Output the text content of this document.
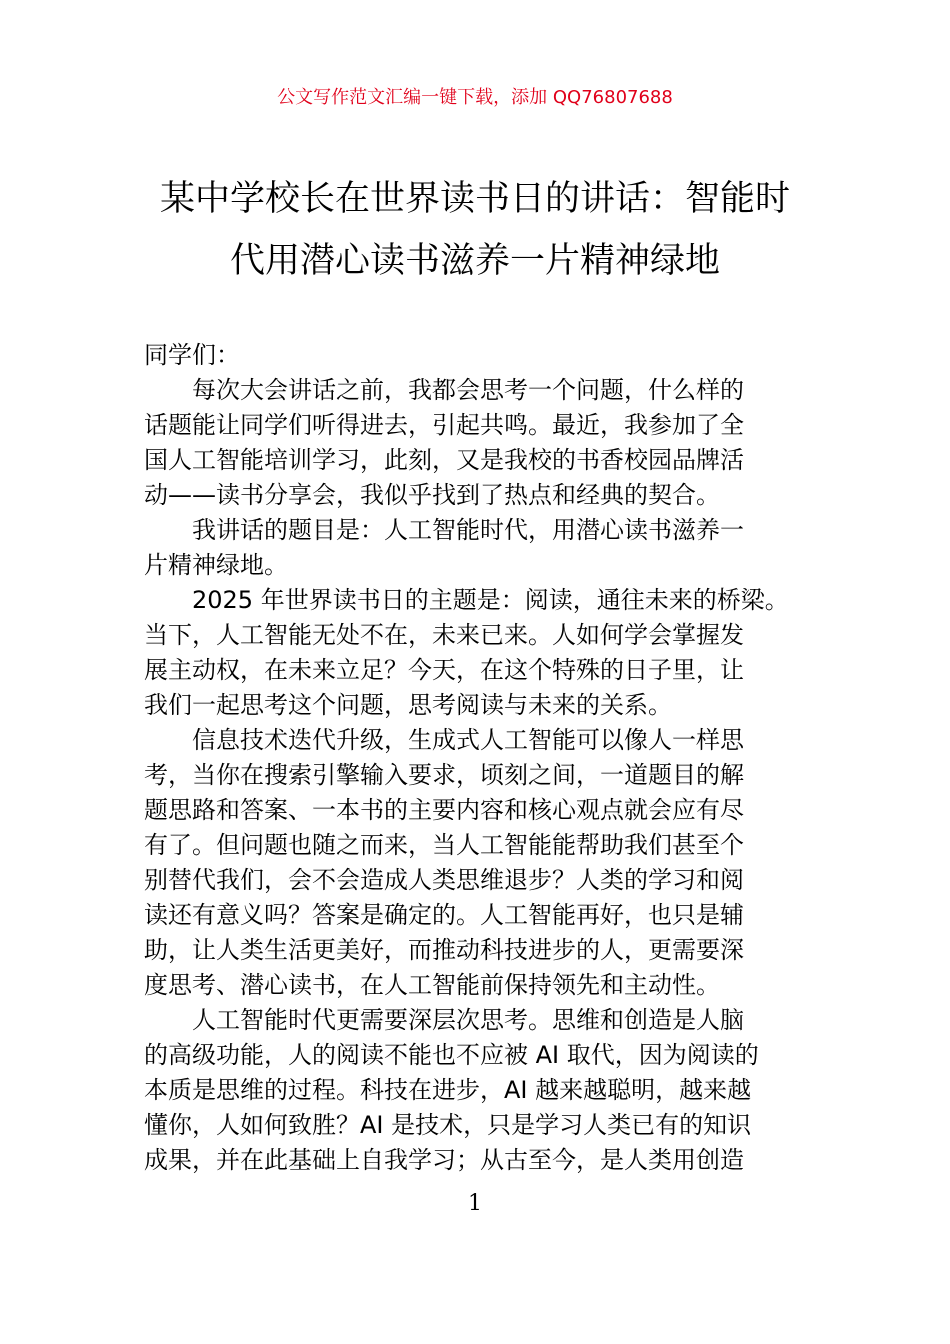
公文写作范文汇编一键下载，添加 QQ76807688
某中学校长在世界读书日的讲话：智能时
代用潜心读书滋养一片精神绿地

同学们：

每次大会讲话之前，我都会思考一个问题，什么样的

话题能让同学们听得进去，引起共鸣。最近，我参加了全

国人工智能培训学习，此刻，又是我校的书香校园品牌活

动——读书分享会，我似乎找到了热点和经典的契合。

我讲话的题目是：人工智能时代，用潜心读书滋养一

片精神绿地。

2025 年世界读书日的主题是：阅读，通往未来的桥梁。

当下，人工智能无处不在，未来已来。人如何学会掌握发

展主动权，在未来立足？今天，在这个特殊的日子里，让

我们一起思考这个问题，思考阅读与未来的关系。

信息技术迭代升级，生成式人工智能可以像人一样思

考，当你在搜索引擎输入要求，顷刻之间，一道题目的解

题思路和答案、一本书的主要内容和核心观点就会应有尽

有了。但问题也随之而来，当人工智能能帮助我们甚至个

别替代我们，会不会造成人类思维退步？人类的学习和阅

读还有意义吗？答案是确定的。人工智能再好，也只是辅

助，让人类生活更美好，而推动科技进步的人，更需要深

度思考、潜心读书，在人工智能前保持领先和主动性。

人工智能时代更需要深层次思考。思维和创造是人脑

的高级功能，人的阅读不能也不应被 AI 取代，因为阅读的

本质是思维的过程。科技在进步，AI 越来越聪明，越来越

懂你，人如何致胜？AI 是技术，只是学习人类已有的知识

成果，并在此基础上自我学习；从古至今，是人类用创造

1
